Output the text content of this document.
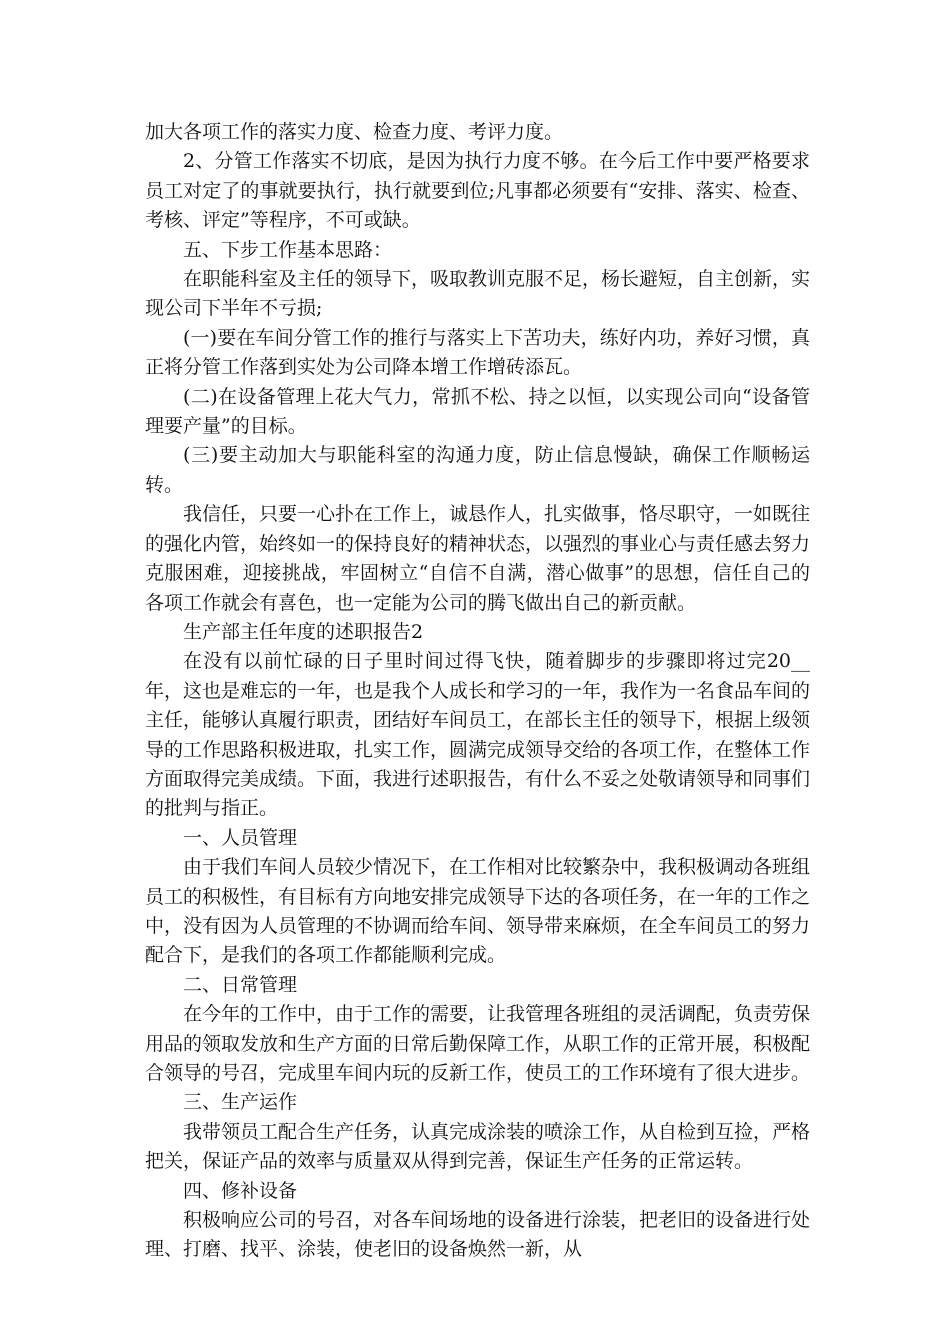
加大各项工作的落实力度、检查力度、考评力度。

2、分管工作落实不切底，是因为执行力度不够。在今后工作中要严格要求员工对定了的事就要执行，执行就要到位;凡事都必须要有“安排、落实、检查、考核、评定”等程序，不可或缺。

五、下步工作基本思路：

在职能科室及主任的领导下，吸取教训克服不足，杨长避短，自主创新，实现公司下半年不亏损;

(一)要在车间分管工作的推行与落实上下苦功夫，练好内功，养好习惯，真正将分管工作落到实处为公司降本增工作增砖添瓦。

(二)在设备管理上花大气力，常抓不松、持之以恒，以实现公司向“设备管理要产量”的目标。

(三)要主动加大与职能科室的沟通力度，防止信息慢缺，确保工作顺畅运转。

我信任，只要一心扑在工作上，诚恳作人，扎实做事，恪尽职守，一如既往的强化内管，始终如一的保持良好的精神状态，以强烈的事业心与责任感去努力克服困难，迎接挑战，牢固树立“自信不自满，潜心做事”的思想，信任自己的各项工作就会有喜色，也一定能为公司的腾飞做出自己的新贡献。

生产部主任年度的述职报告2

在没有以前忙碌的日子里时间过得飞快，随着脚步的步骤即将过完20__年，这也是难忘的一年，也是我个人成长和学习的一年，我作为一名食品车间的主任，能够认真履行职责，团结好车间员工，在部长主任的领导下，根据上级领导的工作思路积极进取，扎实工作，圆满完成领导交给的各项工作，在整体工作方面取得完美成绩。下面，我进行述职报告，有什么不妥之处敬请领导和同事们的批判与指正。

一、人员管理

由于我们车间人员较少情况下，在工作相对比较繁杂中，我积极调动各班组员工的积极性，有目标有方向地安排完成领导下达的各项任务，在一年的工作之中，没有因为人员管理的不协调而给车间、领导带来麻烦，在全车间员工的努力配合下，是我们的各项工作都能顺利完成。

二、日常管理

在今年的工作中，由于工作的需要，让我管理各班组的灵活调配，负责劳保用品的领取发放和生产方面的日常后勤保障工作，从职工作的正常开展，积极配合领导的号召，完成里车间内玩的反新工作，使员工的工作环境有了很大进步。

三、生产运作

我带领员工配合生产任务，认真完成涂装的喷涂工作，从自检到互捡，严格把关，保证产品的效率与质量双从得到完善，保证生产任务的正常运转。

四、修补设备

积极响应公司的号召，对各车间场地的设备进行涂装，把老旧的设备进行处理、打磨、找平、涂装，使老旧的设备焕然一新，从
